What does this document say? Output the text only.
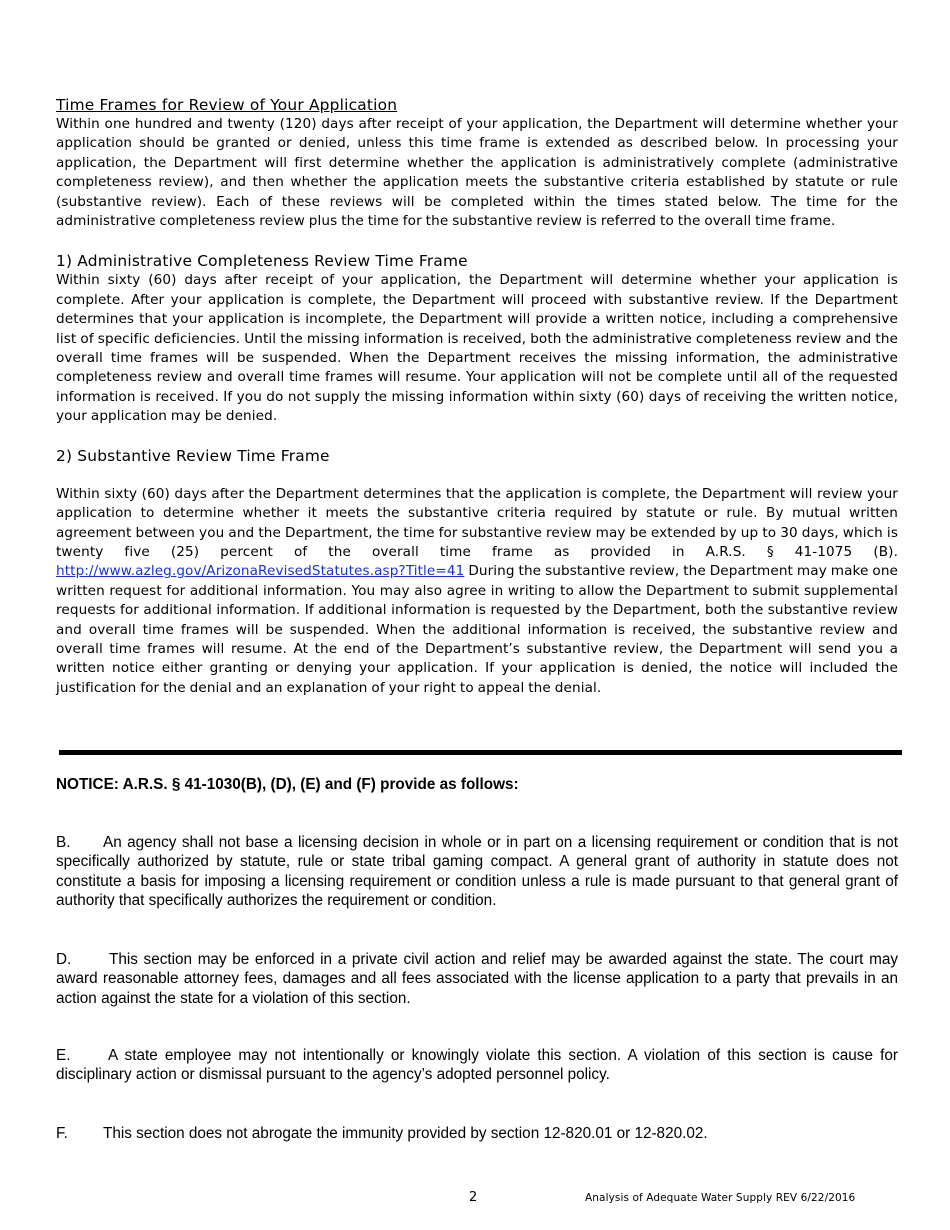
Time Frames for Review of Your Application

Within one hundred and twenty (120) days after receipt of your application, the Department will determine whether your application should be granted or denied, unless this time frame is extended as described below. In processing your application, the Department will first determine whether the application is administratively complete (administrative completeness review), and then whether the application meets the substantive criteria established by statute or rule (substantive review). Each of these reviews will be completed within the times stated below. The time for the administrative completeness review plus the time for the substantive review is referred to the overall time frame.

1) Administrative Completeness Review Time Frame

Within sixty (60) days after receipt of your application, the Department will determine whether your application is complete. After your application is complete, the Department will proceed with substantive review. If the Department determines that your application is incomplete, the Department will provide a written notice, including a comprehensive list of specific deficiencies. Until the missing information is received, both the administrative completeness review and the overall time frames will be suspended. When the Department receives the missing information, the administrative completeness review and overall time frames will resume. Your application will not be complete until all of the requested information is received. If you do not supply the missing information within sixty (60) days of receiving the written notice, your application may be denied.

2) Substantive Review Time Frame

Within sixty (60) days after the Department determines that the application is complete, the Department will review your application to determine whether it meets the substantive criteria required by statute or rule. By mutual written agreement between you and the Department, the time for substantive review may be extended by up to 30 days, which is twenty five (25) percent of the overall time frame as provided in A.R.S. § 41-1075 (B). http://www.azleg.gov/ArizonaRevisedStatutes.asp?Title=41 During the substantive review, the Department may make one written request for additional information. You may also agree in writing to allow the Department to submit supplemental requests for additional information. If additional information is requested by the Department, both the substantive review and overall time frames will be suspended. When the additional information is received, the substantive review and overall time frames will resume. At the end of the Department’s substantive review, the Department will send you a written notice either granting or denying your application. If your application is denied, the notice will included the justification for the denial and an explanation of your right to appeal the denial.

NOTICE: A.R.S. § 41-1030(B), (D), (E) and (F) provide as follows:

B. An agency shall not base a licensing decision in whole or in part on a licensing requirement or condition that is not specifically authorized by statute, rule or state tribal gaming compact. A general grant of authority in statute does not constitute a basis for imposing a licensing requirement or condition unless a rule is made pursuant to that general grant of authority that specifically authorizes the requirement or condition.

D. This section may be enforced in a private civil action and relief may be awarded against the state. The court may award reasonable attorney fees, damages and all fees associated with the license application to a party that prevails in an action against the state for a violation of this section.

E. A state employee may not intentionally or knowingly violate this section. A violation of this section is cause for disciplinary action or dismissal pursuant to the agency’s adopted personnel policy.

F. This section does not abrogate the immunity provided by section 12-820.01 or 12-820.02.

2	Analysis of Adequate Water Supply REV 6/22/2016
